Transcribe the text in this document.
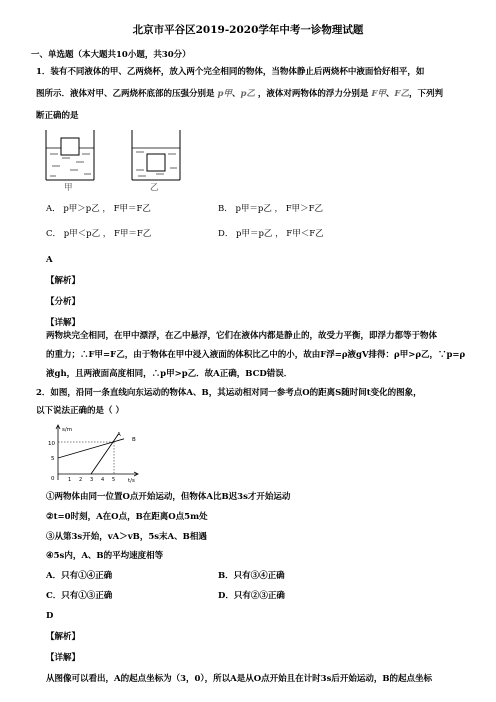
北京市平谷区2019-2020学年中考一诊物理试题
一、单选题（本大题共10小题，共30分）
1．装有不同液体的甲、乙两烧杯，放入两个完全相同的物体，当物体静止后两烧杯中液面恰好相平，如
图所示．液体对甲、乙两烧杯底部的压强分别是 p甲、p乙 ，液体对两物体的浮力分别是 F甲、F乙，下列判
断正确的是
甲	乙
A． p甲＞p乙 ， F甲＝F乙	B． p甲＝p乙 ， F甲＞F乙
C． p甲＜p乙 ， F甲＝F乙	D． p甲＝p乙 ， F甲＜F乙
A
【解析】
【分析】
【详解】
两物块完全相同，在甲中漂浮，在乙中悬浮，它们在液体内都是静止的，故受力平衡，即浮力都等于物体
的重力；∴F甲=F乙，由于物体在甲中浸入液面的体积比乙中的小，故由F浮=ρ液gV排得：ρ甲>ρ乙，∵p=ρ
液gh，且两液面高度相同，∴p甲>p乙．故A正确，BCD错误．
2．如图，沿同一条直线向东运动的物体A、B，其运动相对同一参考点O的距离S随时间t变化的图象，
以下说法正确的是（ ）
s/m
t/s
10
5
0	1 2 3 4 5
A
B
①两物体由同一位置O点开始运动，但物体A比B迟3s才开始运动
②t=0时刻，A在O点，B在距离O点5m处
③从第3s开始，vA＞vB，5s末A、B相遇
④5s内，A、B的平均速度相等
A．只有①④正确	B．只有③④正确
C．只有①③正确	D．只有②③正确
D
【解析】
【详解】
从图像可以看出，A的起点坐标为（3，0），所以A是从O点开始且在计时3s后开始运动，B的起点坐标
